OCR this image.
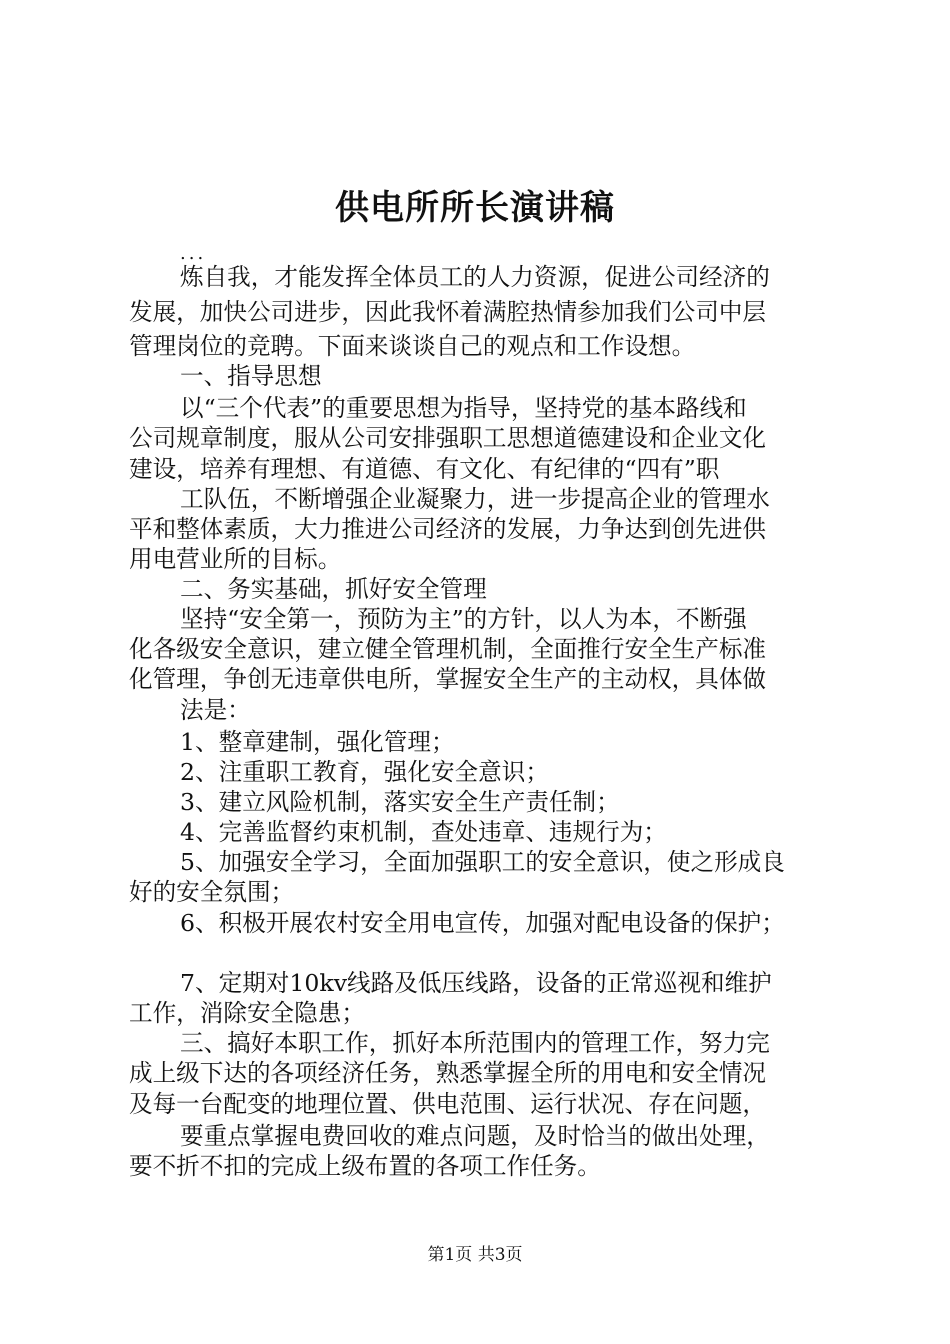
供电所所长演讲稿
...
炼自我，才能发挥全体员工的人力资源，促进公司经济的
发展，加快公司进步，因此我怀着满腔热情参加我们公司中层
管理岗位的竞聘。下面来谈谈自己的观点和工作设想。
一、指导思想
以“三个代表”的重要思想为指导，坚持党的基本路线和
公司规章制度，服从公司安排强职工思想道德建设和企业文化
建设，培养有理想、有道德、有文化、有纪律的“四有”职
工队伍，不断增强企业凝聚力，进一步提高企业的管理水
平和整体素质，大力推进公司经济的发展，力争达到创先进供
用电营业所的目标。
二、务实基础，抓好安全管理
坚持“安全第一，预防为主”的方针，以人为本，不断强
化各级安全意识，建立健全管理机制，全面推行安全生产标准
化管理，争创无违章供电所，掌握安全生产的主动权，具体做
法是：
1、整章建制，强化管理；
2、注重职工教育，强化安全意识；
3、建立风险机制，落实安全生产责任制；
4、完善监督约束机制，查处违章、违规行为；
5、加强安全学习，全面加强职工的安全意识，使之形成良
好的安全氛围；
6、积极开展农村安全用电宣传，加强对配电设备的保护；
7、定期对10kv线路及低压线路，设备的正常巡视和维护
工作，消除安全隐患；
三、搞好本职工作，抓好本所范围内的管理工作，努力完
成上级下达的各项经济任务，熟悉掌握全所的用电和安全情况
及每一台配变的地理位置、供电范围、运行状况、存在问题，
要重点掌握电费回收的难点问题，及时恰当的做出处理，
要不折不扣的完成上级布置的各项工作任务。
第1页 共3页
